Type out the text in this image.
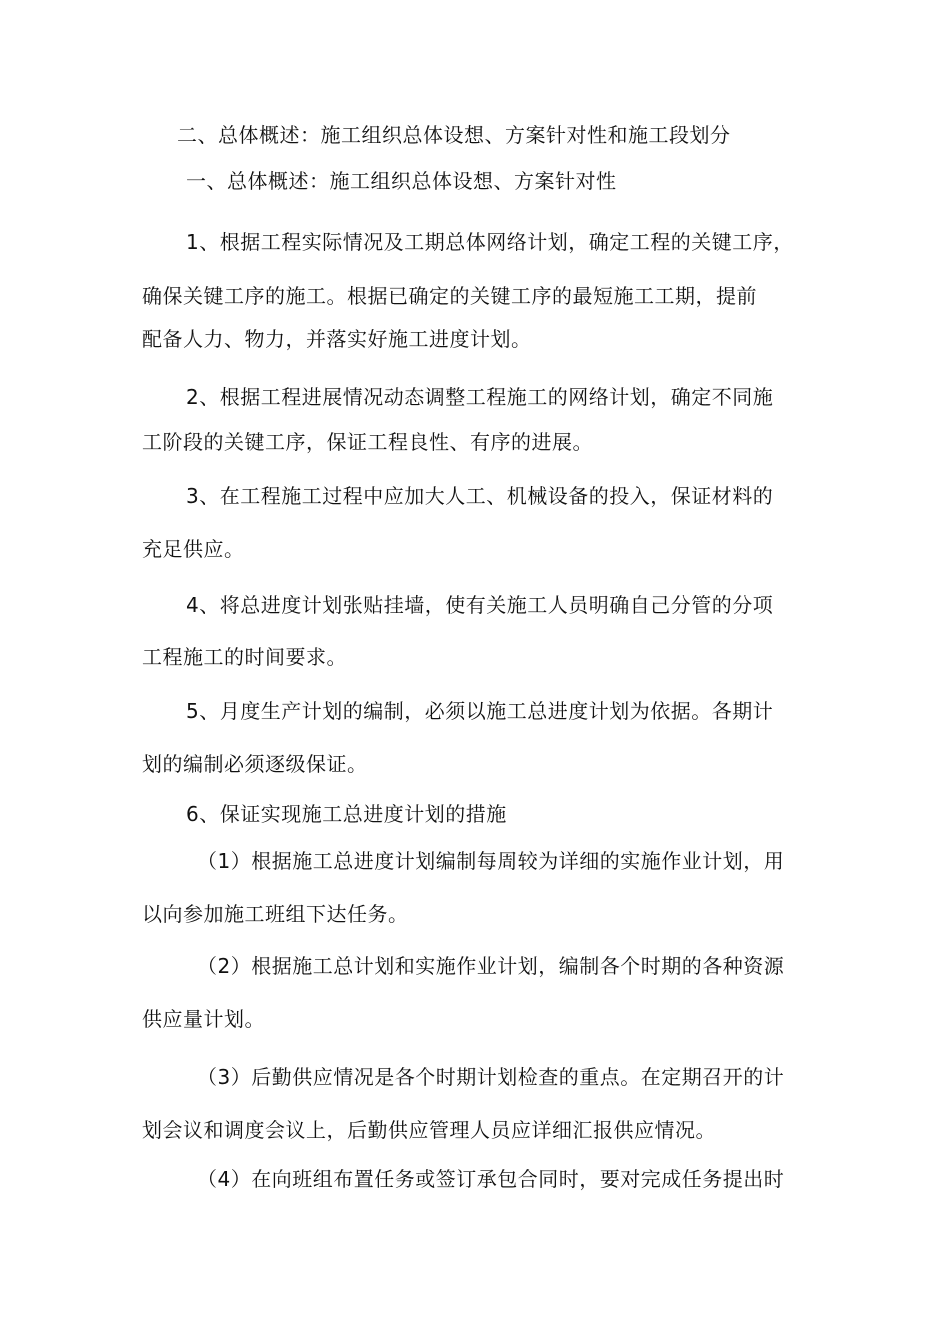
二、总体概述：施工组织总体设想、方案针对性和施工段划分
一、总体概述：施工组织总体设想、方案针对性
1、根据工程实际情况及工期总体网络计划，确定工程的关键工序，
确保关键工序的施工。根据已确定的关键工序的最短施工工期，提前
配备人力、物力，并落实好施工进度计划。
2、根据工程进展情况动态调整工程施工的网络计划，确定不同施
工阶段的关键工序，保证工程良性、有序的进展。
3、在工程施工过程中应加大人工、机械设备的投入，保证材料的
充足供应。
4、将总进度计划张贴挂墙，使有关施工人员明确自己分管的分项
工程施工的时间要求。
5、月度生产计划的编制，必须以施工总进度计划为依据。各期计
划的编制必须逐级保证。
6、保证实现施工总进度计划的措施
（1）根据施工总进度计划编制每周较为详细的实施作业计划，用
以向参加施工班组下达任务。
（2）根据施工总计划和实施作业计划，编制各个时期的各种资源
供应量计划。
（3）后勤供应情况是各个时期计划检查的重点。在定期召开的计
划会议和调度会议上，后勤供应管理人员应详细汇报供应情况。
（4）在向班组布置任务或签订承包合同时，要对完成任务提出时
